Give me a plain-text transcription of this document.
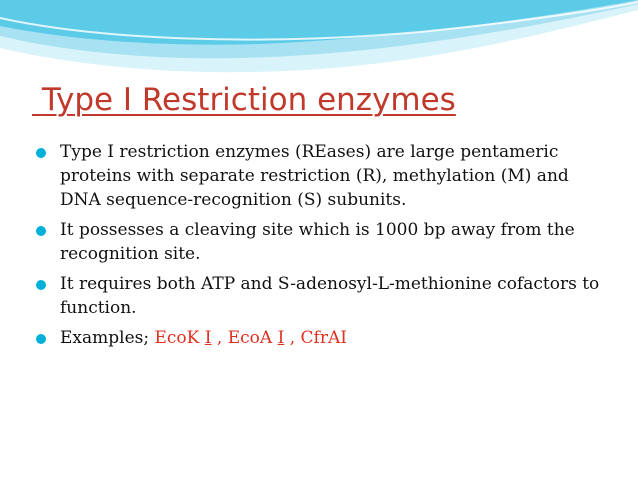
Type I Restriction enzymes
Type I restriction enzymes (REases) are large pentameric proteins with separate restriction (R), methylation (M) and DNA sequence-recognition (S) subunits.
It possesses a cleaving site which is 1000 bp away from the recognition site.
It requires both ATP and S-adenosyl-L-methionine cofactors to function.
Examples; EcoK I , EcoA I , CfrAI
